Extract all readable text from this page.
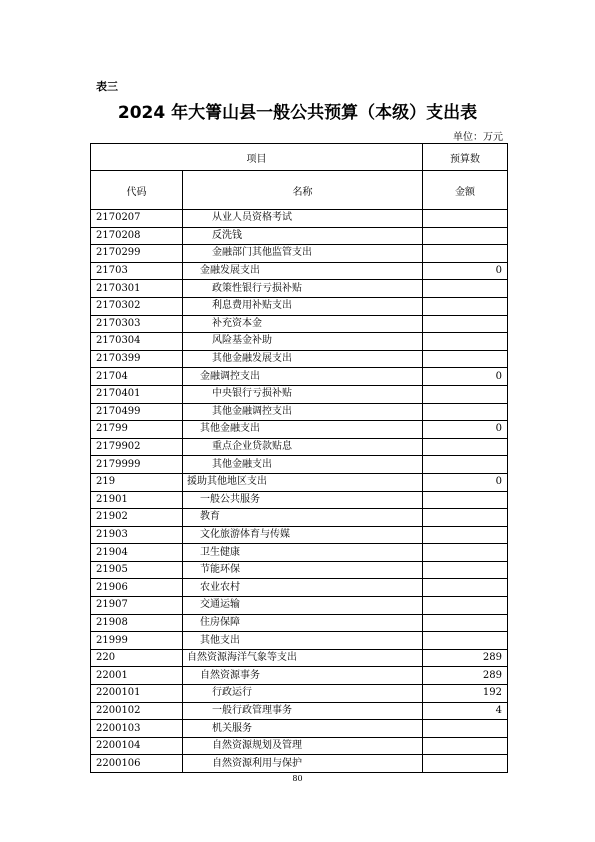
表三
2024 年大箐山县一般公共预算（本级）支出表
单位：万元
项目		预算数
代码	名称	金额
2170207	从业人员资格考试	
2170208	反洗钱	
2170299	金融部门其他监管支出	
21703	金融发展支出	0
2170301	政策性银行亏损补贴	
2170302	利息费用补贴支出	
2170303	补充资本金	
2170304	风险基金补助	
2170399	其他金融发展支出	
21704	金融调控支出	0
2170401	中央银行亏损补贴	
2170499	其他金融调控支出	
21799	其他金融支出	0
2179902	重点企业贷款贴息	
2179999	其他金融支出	
219	援助其他地区支出	0
21901	一般公共服务	
21902	教育	
21903	文化旅游体育与传媒	
21904	卫生健康	
21905	节能环保	
21906	农业农村	
21907	交通运输	
21908	住房保障	
21999	其他支出	
220	自然资源海洋气象等支出	289
22001	自然资源事务	289
2200101	行政运行	192
2200102	一般行政管理事务	4
2200103	机关服务	
2200104	自然资源规划及管理	
2200106	自然资源利用与保护	
80
